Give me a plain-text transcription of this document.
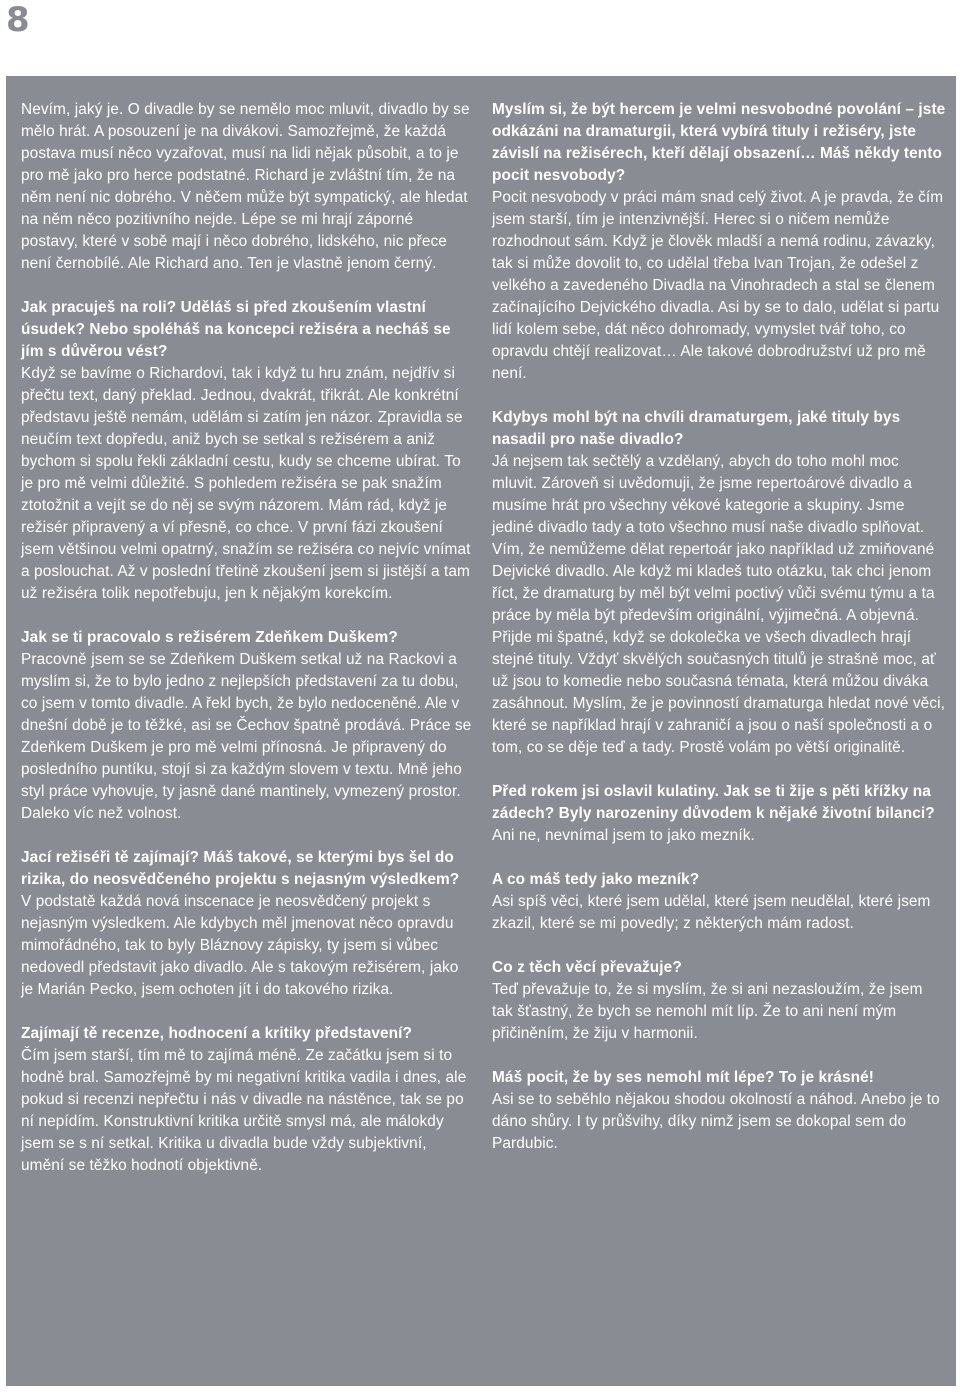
8

Nevím, jaký je. O divadle by se nemělo moc mluvit, divadlo by se mělo hrát. A posouzení je na divákovi. Samozřejmě, že každá postava musí něco vyzařovat, musí na lidi nějak působit, a to je pro mě jako pro herce podstatné. Richard je zvláštní tím, že na něm není nic dobrého. V něčem může být sympatický, ale hledat na něm něco pozitivního nejde. Lépe se mi hrají záporné postavy, které v sobě mají i něco dobrého, lidského, nic přece není černobílé. Ale Richard ano. Ten je vlastně jenom černý.

Jak pracuješ na roli? Uděláš si před zkoušením vlastní úsudek? Nebo spoléháš na koncepci režiséra a necháš se jím s důvěrou vést?

Když se bavíme o Richardovi, tak i když tu hru znám, nejdřív si přečtu text, daný překlad. Jednou, dvakrát, třikrát. Ale konkrétní představu ještě nemám, udělám si zatím jen názor. Zpravidla se neučím text dopředu, aniž bych se setkal s režisérem a aniž bychom si spolu řekli základní cestu, kudy se chceme ubírat. To je pro mě velmi důležité. S pohledem režiséra se pak snažím ztotožnit a vejít se do něj se svým názorem. Mám rád, když je režisér připravený a ví přesně, co chce. V první fázi zkoušení jsem většinou velmi opatrný, snažím se režiséra co nejvíc vnímat a poslouchat. Až v poslední třetině zkoušení jsem si jistější a tam už režiséra tolik nepotřebuju, jen k nějakým korekcím.

Jak se ti pracovalo s režisérem Zdeňkem Duškem?

Pracovně jsem se se Zdeňkem Duškem setkal už na Rackovi a myslím si, že to bylo jedno z nejlepších představení za tu dobu, co jsem v tomto divadle. A řekl bych, že bylo nedoceněné. Ale v dnešní době je to těžké, asi se Čechov špatně prodává. Práce se Zdeňkem Duškem je pro mě velmi přínosná. Je připravený do posledního puntíku, stojí si za každým slovem v textu. Mně jeho styl práce vyhovuje, ty jasně dané mantinely, vymezený prostor. Daleko víc než volnost.

Jací režiséři tě zajímají? Máš takové, se kterými bys šel do rizika, do neosvědčeného projektu s nejasným výsledkem?

V podstatě každá nová inscenace je neosvědčený projekt s nejasným výsledkem. Ale kdybych měl jmenovat něco opravdu mimořádného, tak to byly Bláznovy zápisky, ty jsem si vůbec nedovedl představit jako divadlo. Ale s takovým režisérem, jako je Marián Pecko, jsem ochoten jít i do takového rizika.

Zajímají tě recenze, hodnocení a kritiky představení?

Čím jsem starší, tím mě to zajímá méně. Ze začátku jsem si to hodně bral. Samozřejmě by mi negativní kritika vadila i dnes, ale pokud si recenzi nepřečtu i nás v divadle na nástěnce, tak se po ní nepídím. Konstruktivní kritika určitě smysl má, ale málokdy jsem se s ní setkal. Kritika u divadla bude vždy subjektivní, umění se těžko hodnotí objektivně.

Myslím si, že být hercem je velmi nesvobodné povolání – jste odkázáni na dramaturgii, která vybírá tituly i režiséry, jste závislí na režisérech, kteří dělají obsazení… Máš někdy tento pocit nesvobody?

Pocit nesvobody v práci mám snad celý život. A je pravda, že čím jsem starší, tím je intenzivnější. Herec si o ničem nemůže rozhodnout sám. Když je člověk mladší a nemá rodinu, závazky, tak si může dovolit to, co udělal třeba Ivan Trojan, že odešel z velkého a zavedeného Divadla na Vinohradech a stal se členem začínajícího Dejvického divadla. Asi by se to dalo, udělat si partu lidí kolem sebe, dát něco dohromady, vymyslet tvář toho, co opravdu chtějí realizovat… Ale takové dobrodružství už pro mě není.

Kdybys mohl být na chvíli dramaturgem, jaké tituly bys nasadil pro naše divadlo?

Já nejsem tak sečtělý a vzdělaný, abych do toho mohl moc mluvit. Zároveň si uvědomuji, že jsme repertoárové divadlo a musíme hrát pro všechny věkové kategorie a skupiny. Jsme jediné divadlo tady a toto všechno musí naše divadlo splňovat. Vím, že nemůžeme dělat repertoár jako například už zmiňované Dejvické divadlo. Ale když mi kladeš tuto otázku, tak chci jenom říct, že dramaturg by měl být velmi poctivý vůči svému týmu a ta práce by měla být především originální, výjimečná. A objevná. Přijde mi špatné, když se dokolečka ve všech divadlech hrají stejné tituly. Vždyť skvělých současných titulů je strašně moc, ať už jsou to komedie nebo současná témata, která můžou diváka zasáhnout. Myslím, že je povinností dramaturga hledat nové věci, které se například hrají v zahraničí a jsou o naší společnosti a o tom, co se děje teď a tady. Prostě volám po větší originalitě.

Před rokem jsi oslavil kulatiny. Jak se ti žije s pěti křížky na zádech? Byly narozeniny důvodem k nějaké životní bilanci?

Ani ne, nevnímal jsem to jako mezník.

A co máš tedy jako mezník?

Asi spíš věci, které jsem udělal, které jsem neudělal, které jsem zkazil, které se mi povedly; z některých mám radost.

Co z těch věcí převažuje?

Teď převažuje to, že si myslím, že si ani nezasloužím, že jsem tak šťastný, že bych se nemohl mít líp. Že to ani není mým přičiněním, že žiju v harmonii.

Máš pocit, že by ses nemohl mít lépe? To je krásné!

Asi se to seběhlo nějakou shodou okolností a náhod. Anebo je to dáno shůry. I ty průšvihy, díky nimž jsem se dokopal sem do Pardubic.
